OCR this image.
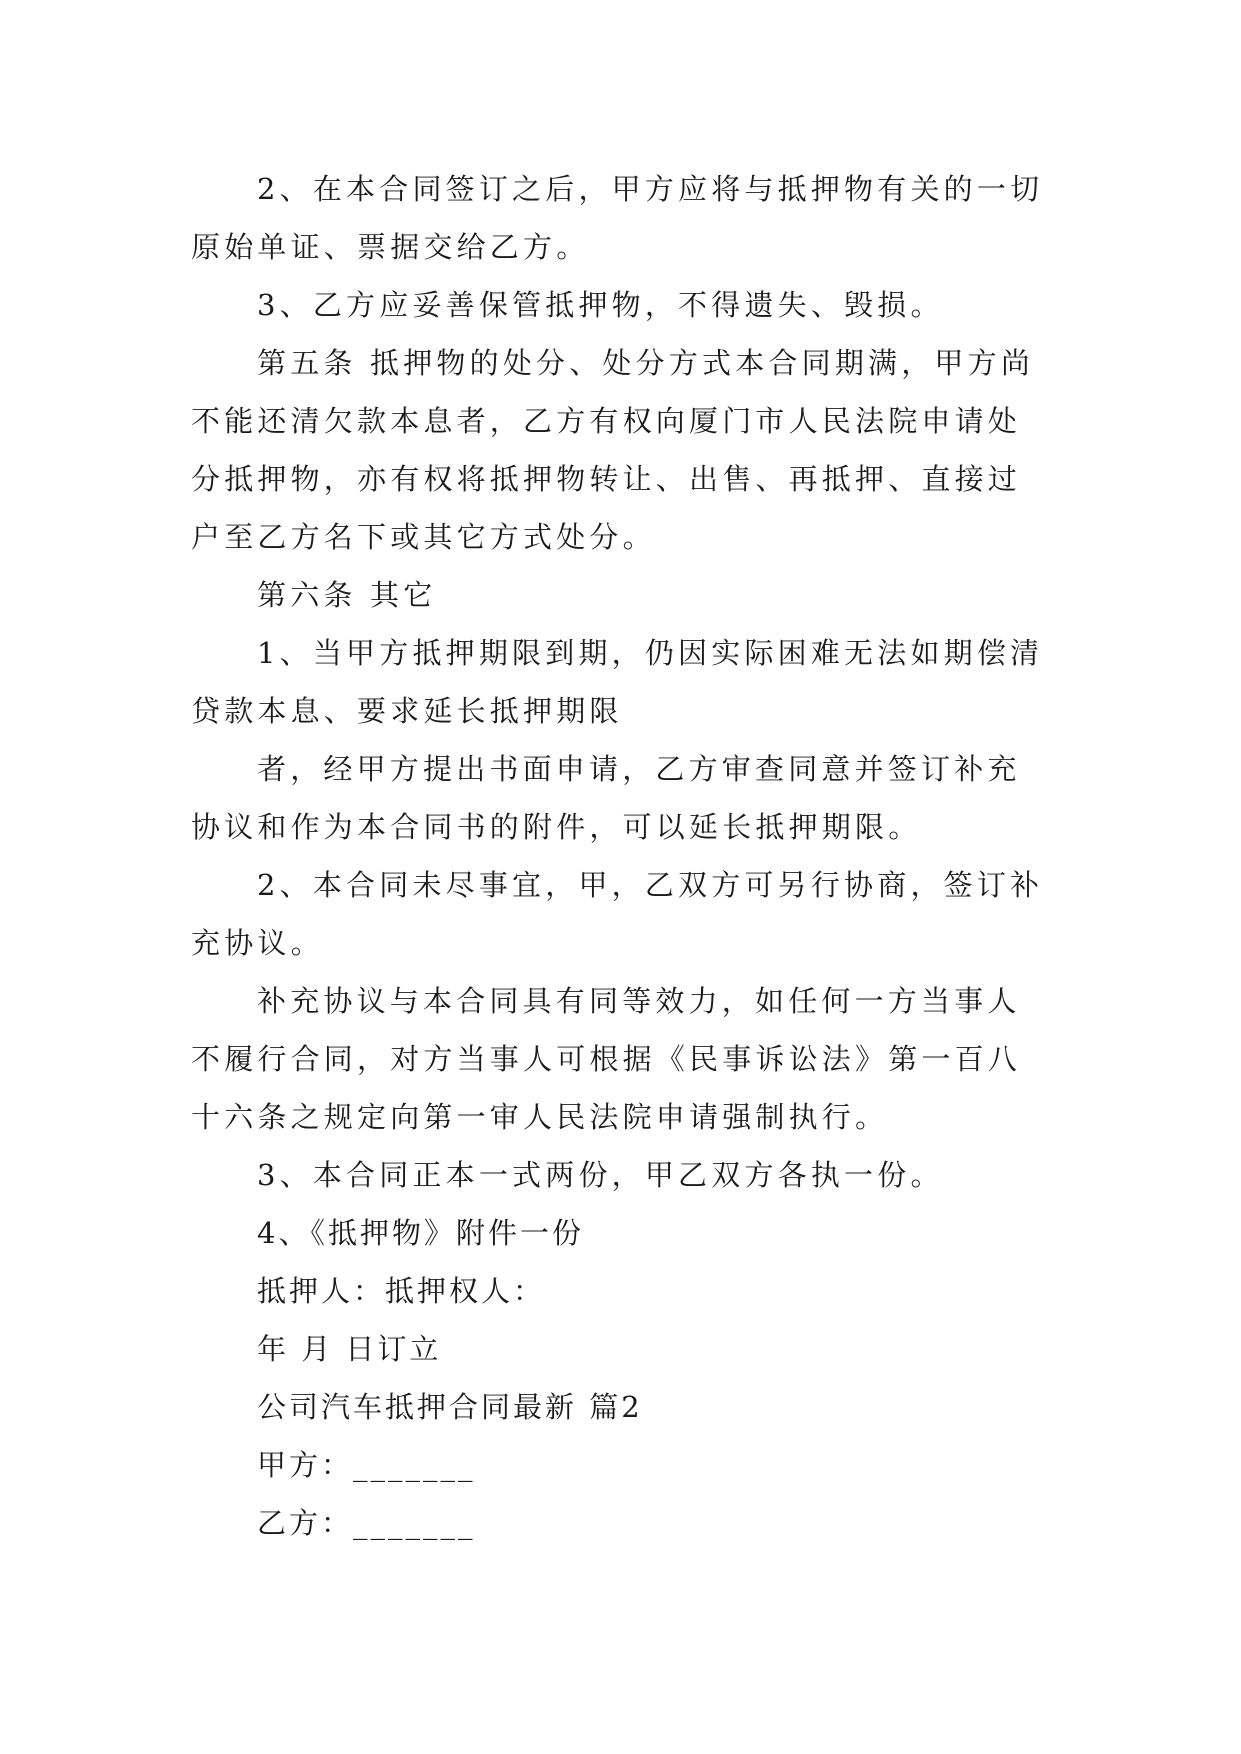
2、在本合同签订之后，甲方应将与抵押物有关的一切原始单证、票据交给乙方。

3、乙方应妥善保管抵押物，不得遗失、毁损。

第五条 抵押物的处分、处分方式本合同期满，甲方尚不能还清欠款本息者，乙方有权向厦门市人民法院申请处分抵押物，亦有权将抵押物转让、出售、再抵押、直接过户至乙方名下或其它方式处分。

第六条 其它

1、当甲方抵押期限到期，仍因实际困难无法如期偿清贷款本息、要求延长抵押期限

者，经甲方提出书面申请，乙方审查同意并签订补充协议和作为本合同书的附件，可以延长抵押期限。

2、本合同未尽事宜，甲，乙双方可另行协商，签订补充协议。

补充协议与本合同具有同等效力，如任何一方当事人不履行合同，对方当事人可根据《民事诉讼法》第一百八十六条之规定向第一审人民法院申请强制执行。

3、本合同正本一式两份，甲乙双方各执一份。

4、《抵押物》附件一份

抵押人：抵押权人：

年 月 日订立

公司汽车抵押合同最新 篇2

甲方：_______

乙方：_______
